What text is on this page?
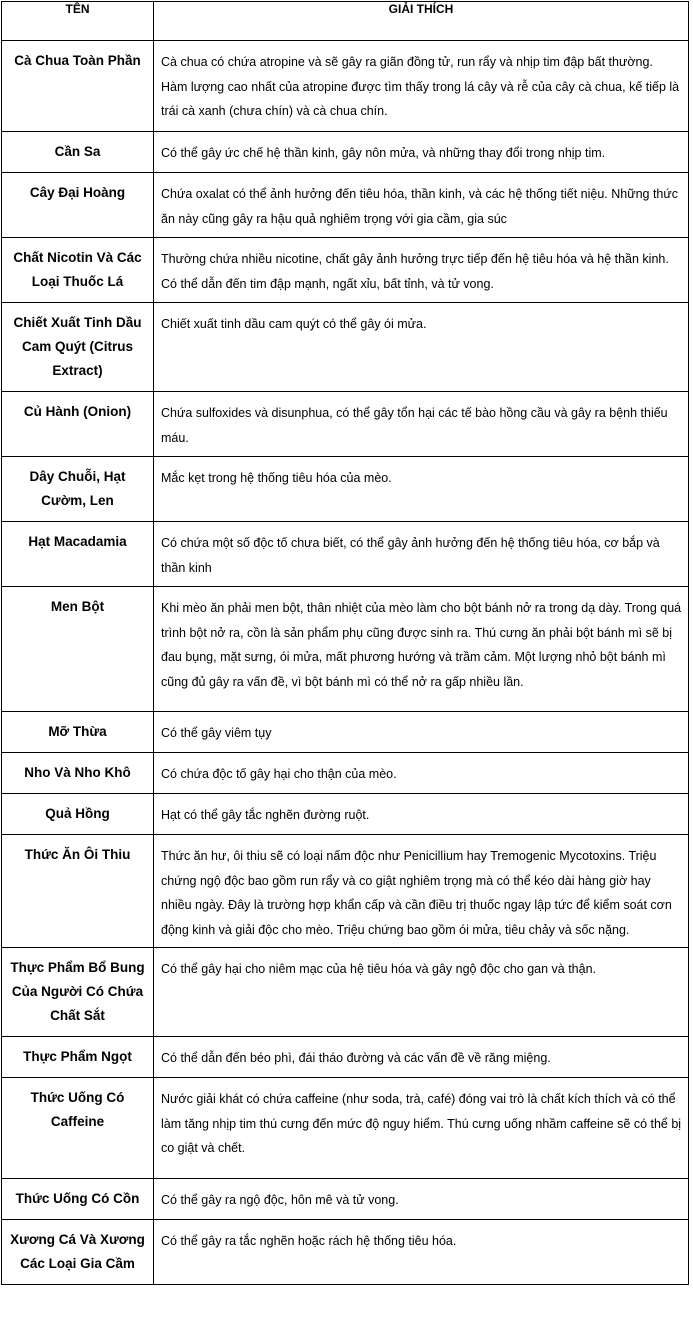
TÊN	GIẢI THÍCH
Cà Chua Toàn Phần	Cà chua có chứa atropine và sẽ gây ra giãn đồng tử, run rẩy và nhịp tim đập bất thường. Hàm lượng cao nhất của atropine được tìm thấy trong lá cây và rễ của cây cà chua, kế tiếp là trái cà xanh (chưa chín) và cà chua chín.
Cần Sa	Có thể gây ức chế hệ thần kinh, gây nôn mửa, và những thay đổi trong nhịp tim.
Cây Đại Hoàng	Chứa oxalat có thể ảnh hưởng đến tiêu hóa, thần kinh, và các hệ thống tiết niệu. Những thức ăn này cũng gây ra hậu quả nghiêm trọng với gia cầm, gia súc
Chất Nicotin Và Các Loại Thuốc Lá	Thường chứa nhiều nicotine, chất gây ảnh hưởng trực tiếp đến hệ tiêu hóa và hệ thần kinh. Có thể dẫn đến tim đập mạnh, ngất xỉu, bất tỉnh, và tử vong.
Chiết Xuất Tinh Dầu Cam Quýt (Citrus Extract)	Chiết xuất tinh dầu cam quýt có thể gây ói mửa.
Củ Hành (Onion)	Chứa sulfoxides và disunphua, có thể gây tổn hại các tế bào hồng cầu và gây ra bệnh thiếu máu.
Dây Chuỗi, Hạt Cườm, Len	Mắc kẹt trong hệ thống tiêu hóa của mèo.
Hạt Macadamia	Có chứa một số độc tố chưa biết, có thể gây ảnh hưởng đến hệ thống tiêu hóa, cơ bắp và thần kinh
Men Bột	Khi mèo ăn phải men bột, thân nhiệt của mèo làm cho bột bánh nở ra trong dạ dày. Trong quá trình bột nở ra, cồn là sản phẩm phụ cũng được sinh ra. Thú cưng ăn phải bột bánh mì sẽ bị đau bụng, mặt sưng, ói mửa, mất phương hướng và trầm cảm. Một lượng nhỏ bột bánh mì cũng đủ gây ra vấn đề, vì bột bánh mì có thể nở ra gấp nhiều lần.
Mỡ Thừa	Có thể gây viêm tụy
Nho Và Nho Khô	Có chứa độc tố gây hại cho thận của mèo.
Quả Hồng	Hạt có thể gây tắc nghẽn đường ruột.
Thức Ăn Ôi Thiu	Thức ăn hư, ôi thiu sẽ có loại nấm độc như Penicillium hay Tremogenic Mycotoxins. Triệu chứng ngộ độc bao gồm run rẩy và co giật nghiêm trọng mà có thể kéo dài hàng giờ hay nhiều ngày. Đây là trường hợp khẩn cấp và cần điều trị thuốc ngay lập tức để kiểm soát cơn động kinh và giải độc cho mèo. Triệu chứng bao gồm ói mửa, tiêu chảy và sốc nặng.
Thực Phẩm Bổ Bung Của Người Có Chứa Chất Sắt	Có thể gây hại cho niêm mạc của hệ tiêu hóa và gây ngộ độc cho gan và thận.
Thực Phẩm Ngọt	Có thể dẫn đến béo phì, đái tháo đường và các vấn đề về răng miệng.
Thức Uống Có Caffeine	Nước giải khát có chứa caffeine (như soda, trà, café) đóng vai trò là chất kích thích và có thể làm tăng nhịp tim thú cưng đến mức độ nguy hiểm. Thú cưng uống nhầm caffeine sẽ có thể bị co giật và chết.
Thức Uống Có Cồn	Có thể gây ra ngộ độc, hôn mê và tử vong.
Xương Cá Và Xương Các Loại Gia Cầm	Có thể gây ra tắc nghẽn hoặc rách hệ thống tiêu hóa.
